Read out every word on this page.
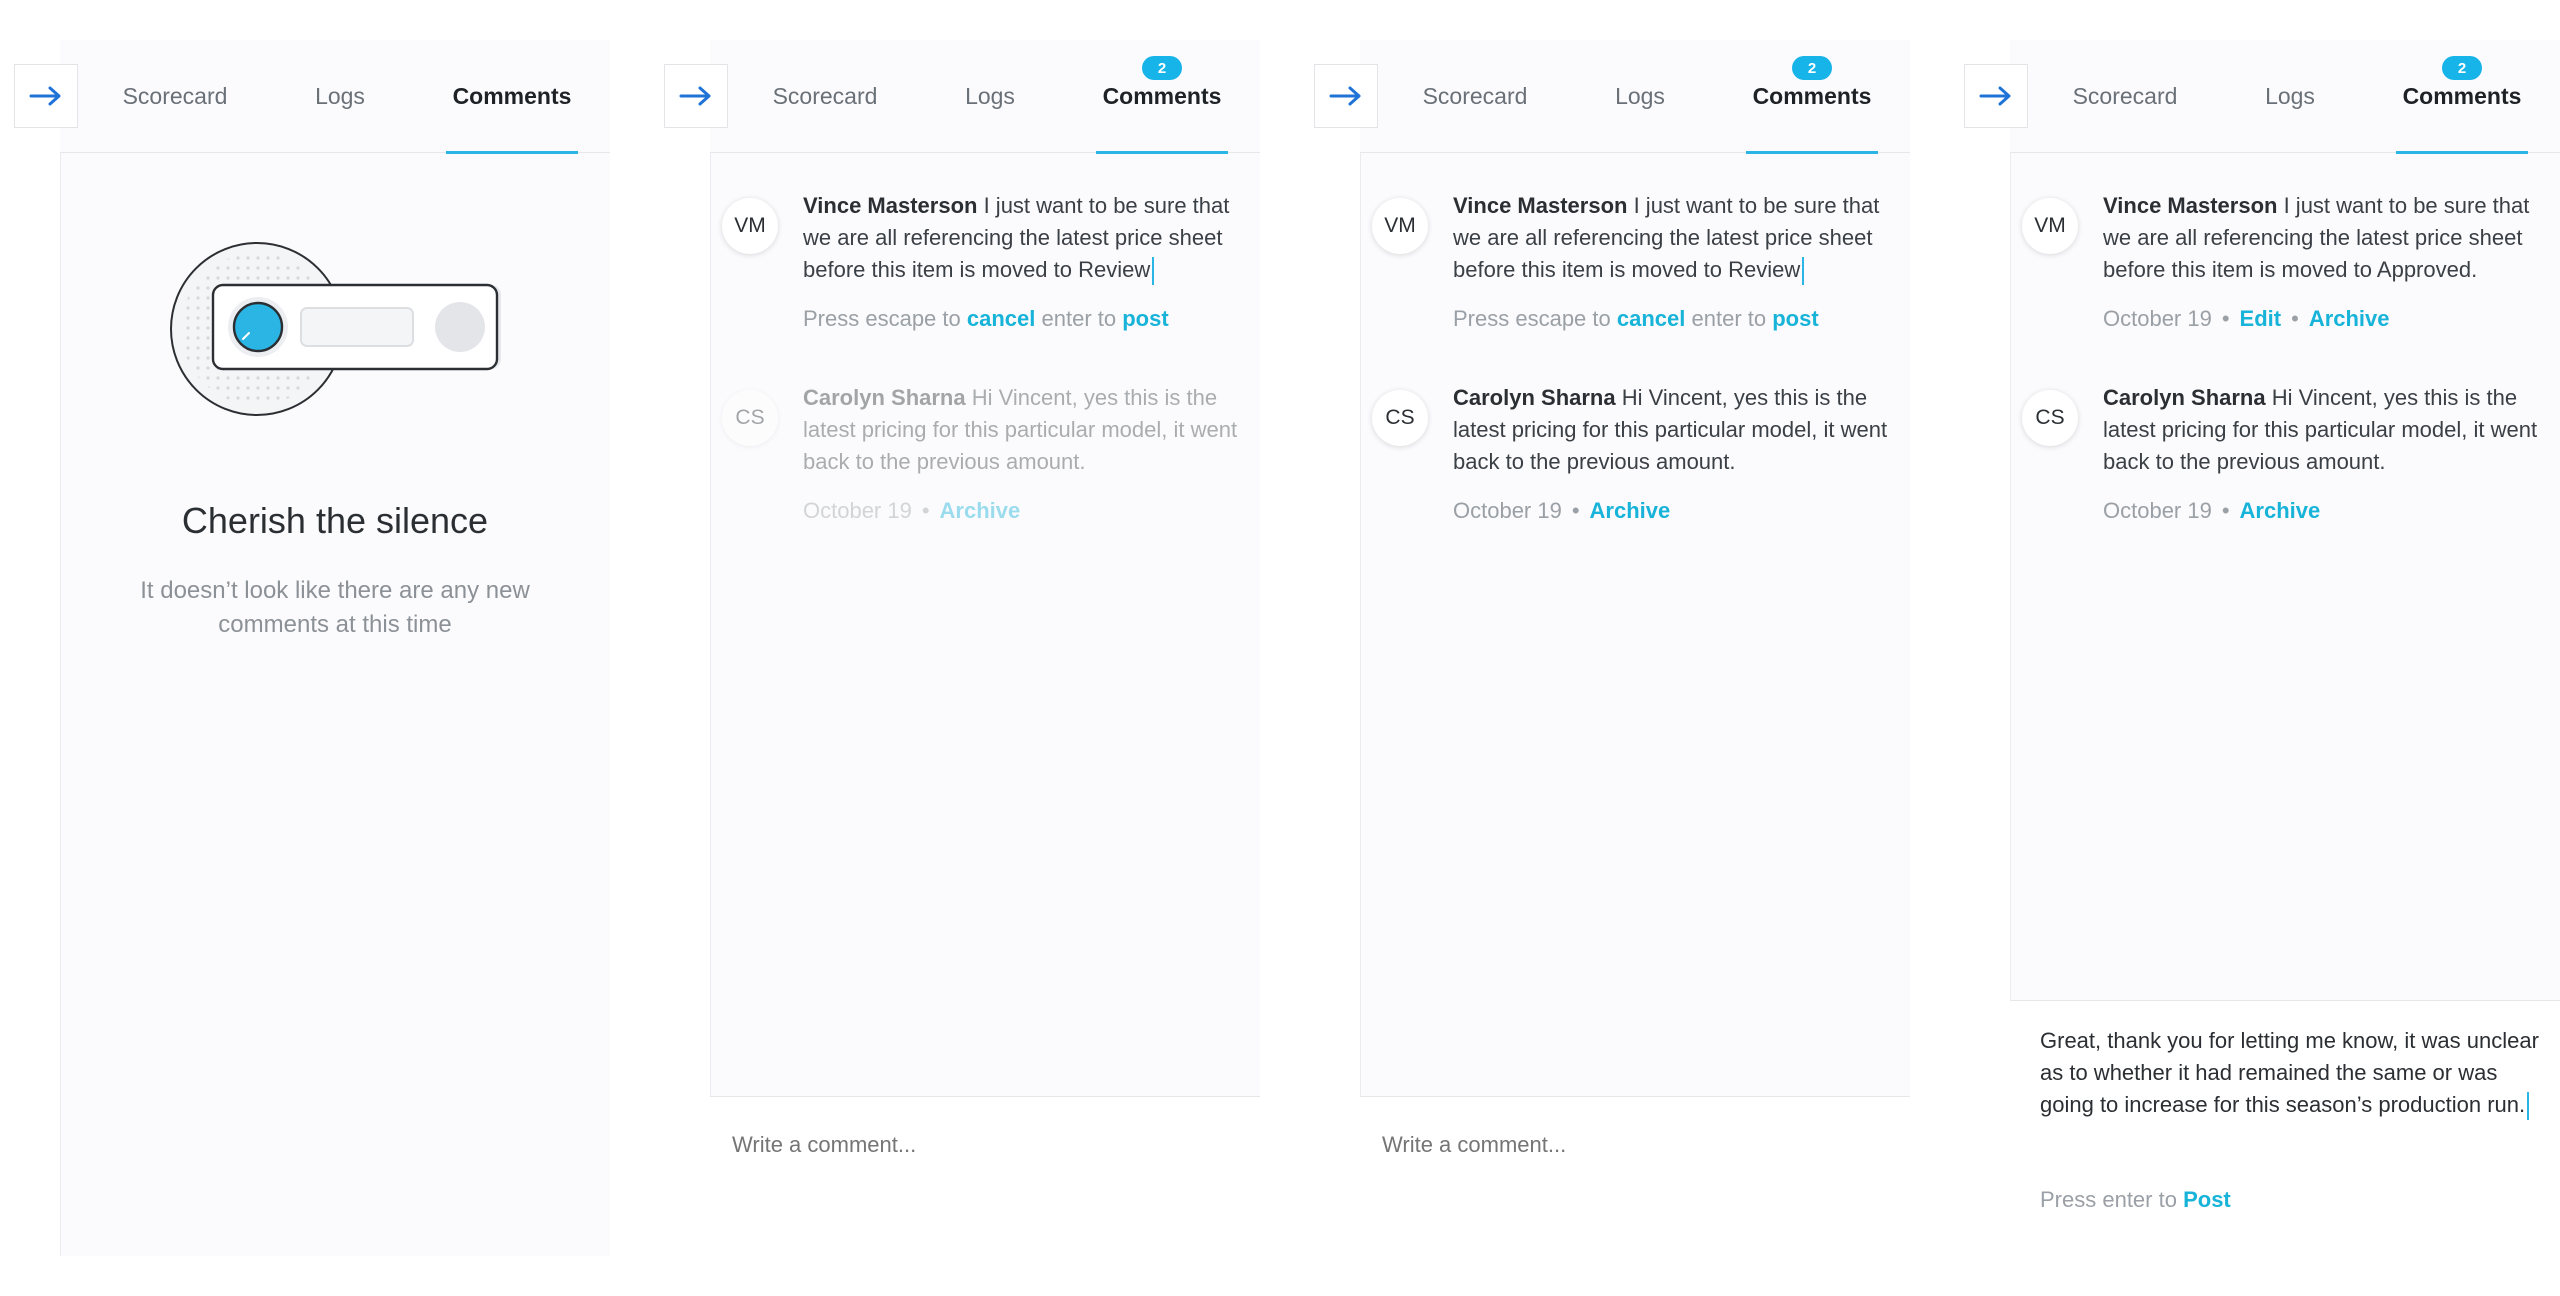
Scorecard	Logs	Comments
Cherish the silence
It doesn’t look like there are any new comments at this time
Scorecard	Logs
2
Comments
VM
Vince Masterson I just want to be sure that we are all referencing the latest price sheet before this item is moved to Review
Press escape to cancel enter to post
CS
Carolyn Sharna Hi Vincent, yes this is the latest pricing for this particular model, it went back to the previous amount.
October 19 • Archive
Write a comment...
Scorecard	Logs
2
Comments
VM
Vince Masterson I just want to be sure that we are all referencing the latest price sheet before this item is moved to Review
Press escape to cancel enter to post
CS
Carolyn Sharna Hi Vincent, yes this is the latest pricing for this particular model, it went back to the previous amount.
October 19 • Archive
Write a comment...
Scorecard	Logs
2
Comments
VM
Vince Masterson I just want to be sure that we are all referencing the latest price sheet before this item is moved to Approved.
October 19 • Edit • Archive
CS
Carolyn Sharna Hi Vincent, yes this is the latest pricing for this particular model, it went back to the previous amount.
October 19 • Archive
Great, thank you for letting me know, it was unclear as to whether it had remained the same or was going to increase for this season’s production run.
Press enter to Post
